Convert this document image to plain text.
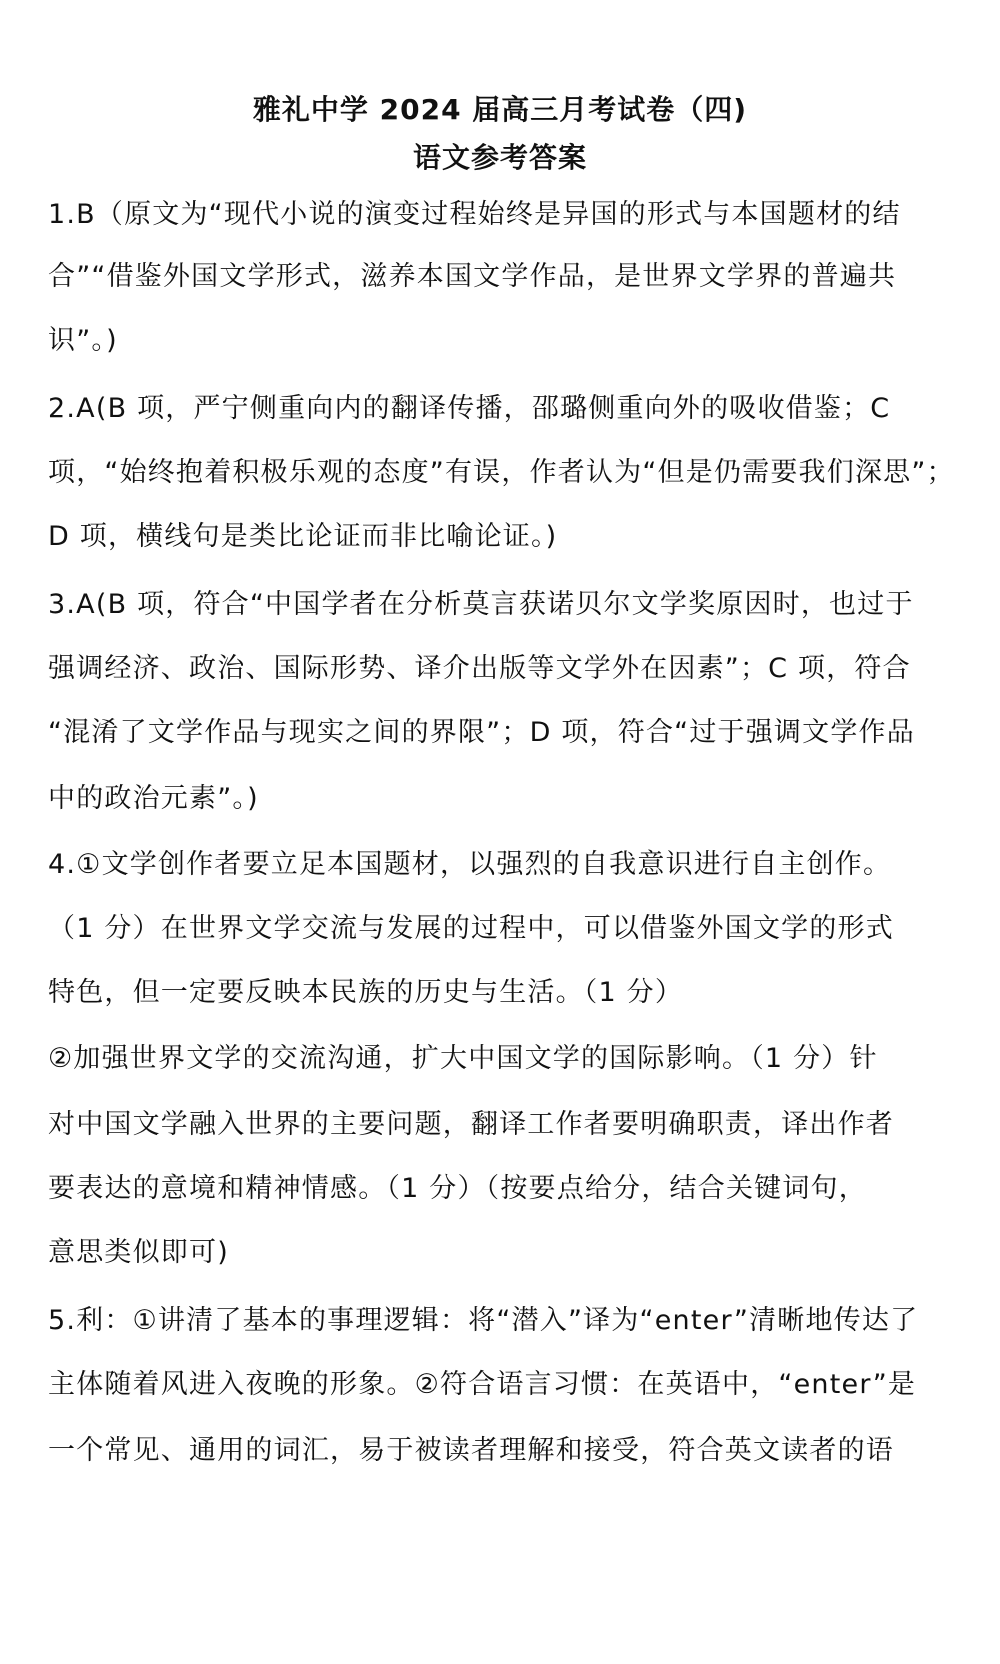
雅礼中学 2024 届高三月考试卷（四)
语文参考答案
1.B（原文为“现代小说的演变过程始终是异国的形式与本国题材的结
合”“借鉴外国文学形式，滋养本国文学作品，是世界文学界的普遍共
识”。)
2.A(B 项，严宁侧重向内的翻译传播，邵璐侧重向外的吸收借鉴；C
项，“始终抱着积极乐观的态度”有误，作者认为“但是仍需要我们深思”；
D 项，横线句是类比论证而非比喻论证。)
3.A(B 项，符合“中国学者在分析莫言获诺贝尔文学奖原因时，也过于
强调经济、政治、国际形势、译介出版等文学外在因素”；C 项，符合
“混淆了文学作品与现实之间的界限”；D 项，符合“过于强调文学作品
中的政治元素”。)
4.①文学创作者要立足本国题材，以强烈的自我意识进行自主创作。
（1 分）在世界文学交流与发展的过程中，可以借鉴外国文学的形式
特色，但一定要反映本民族的历史与生活。（1 分）
②加强世界文学的交流沟通，扩大中国文学的国际影响。（1 分）针
对中国文学融入世界的主要问题，翻译工作者要明确职责，译出作者
要表达的意境和精神情感。（1 分）（按要点给分，结合关键词句，
意思类似即可)
5.利：①讲清了基本的事理逻辑：将“潜入”译为“enter”清晰地传达了
主体随着风进入夜晚的形象。②符合语言习惯：在英语中，“enter”是
一个常见、通用的词汇，易于被读者理解和接受，符合英文读者的语
